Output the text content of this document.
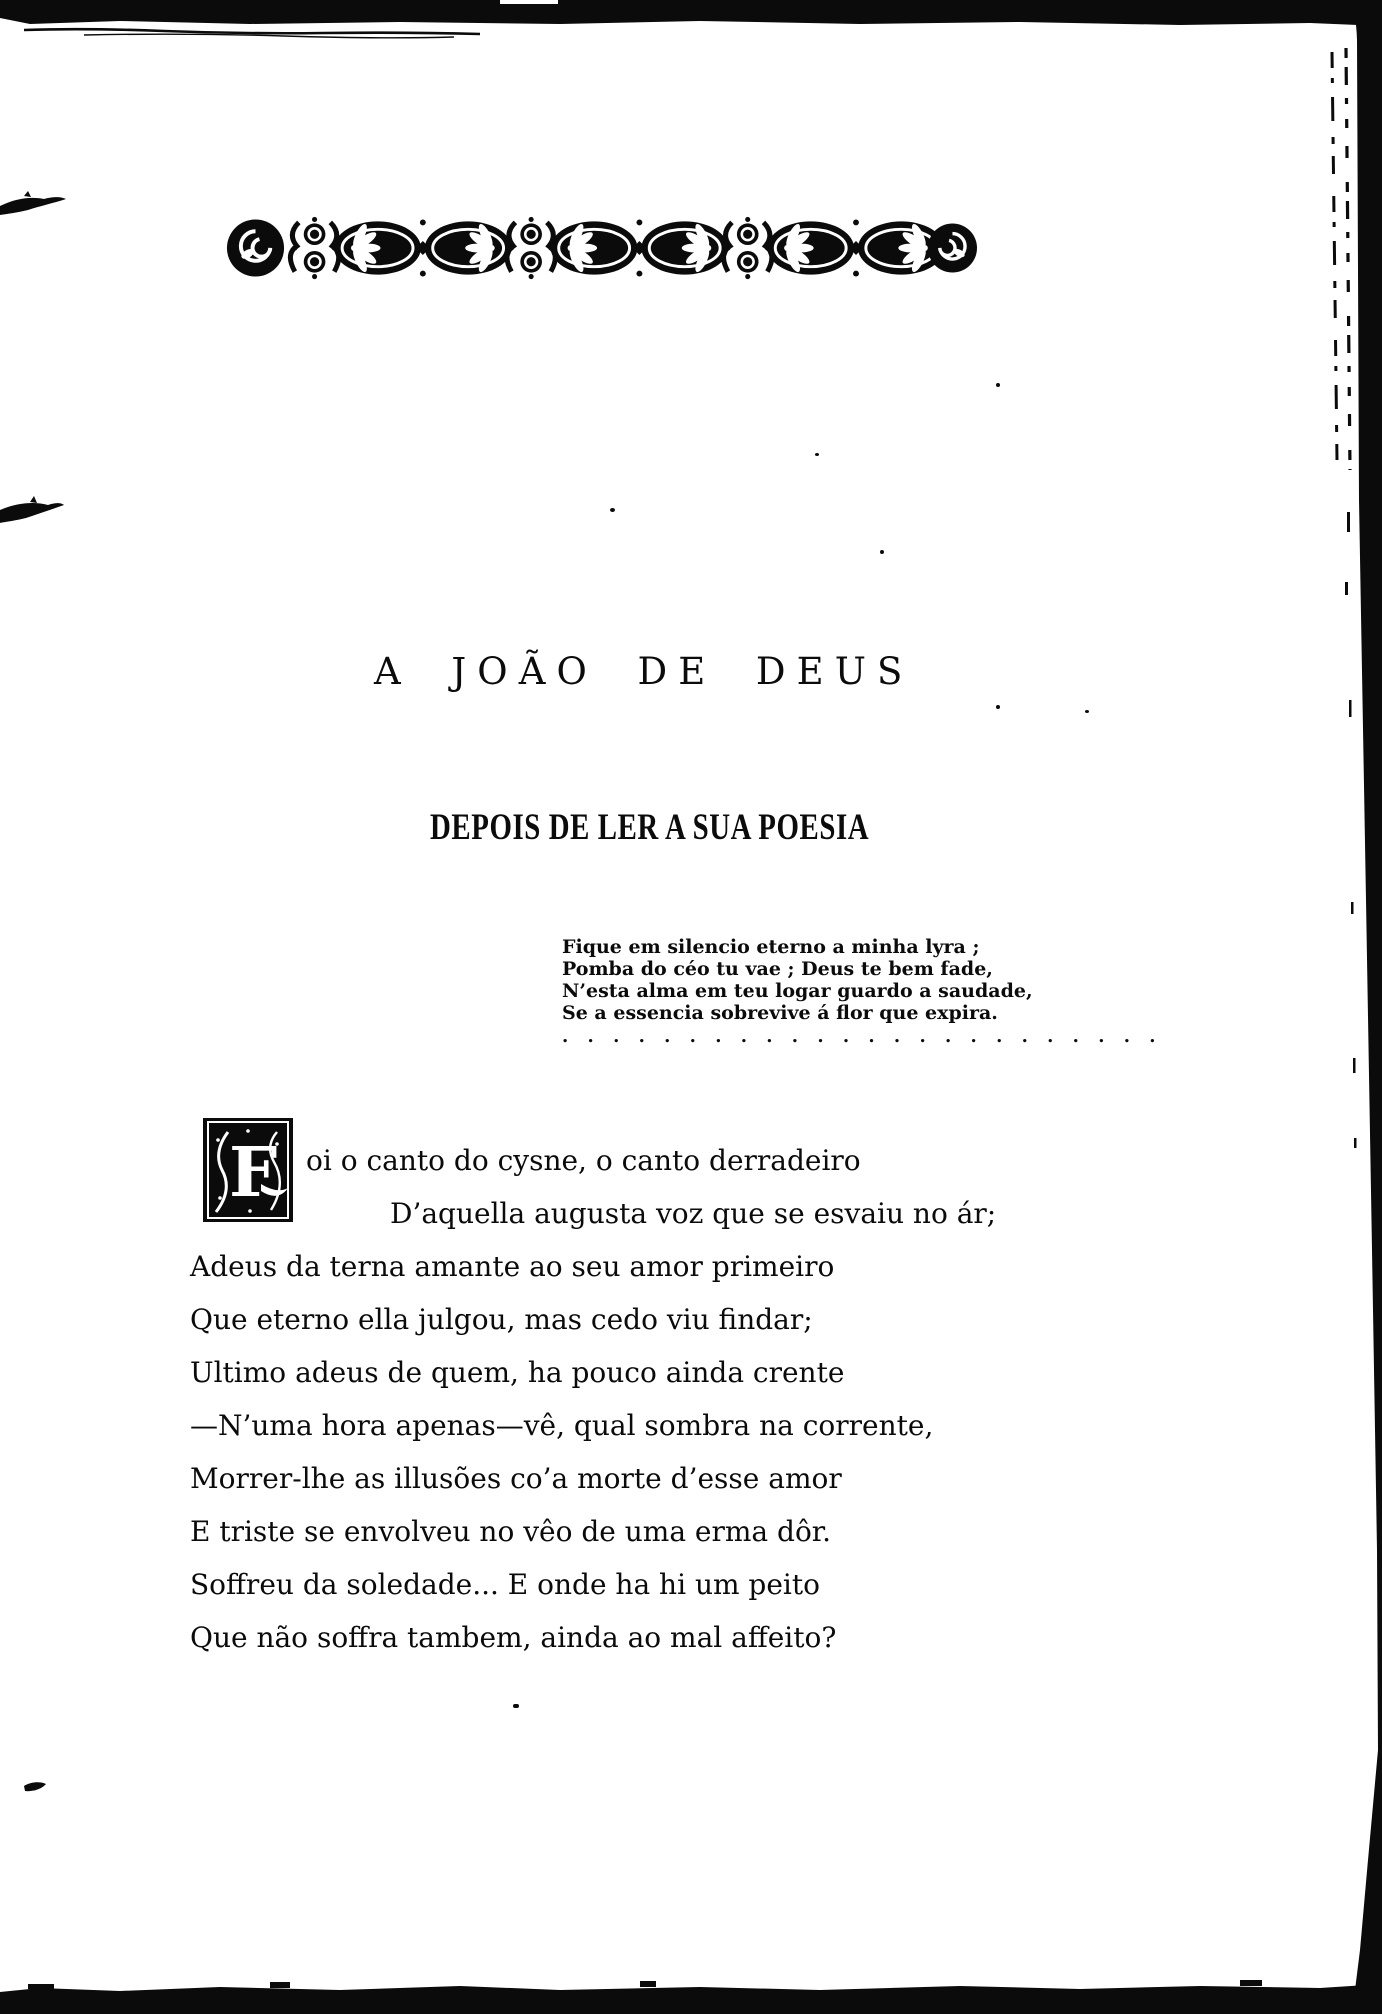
A JOÃO DE DEUS
DEPOIS DE LER A SUA POESIA
Fique em silencio eterno a minha lyra ;
Pomba do céo tu vae ; Deus te bem fade,
N’esta alma em teu logar guardo a saudade,
Se a essencia sobrevive á flor que expira.
. . . . . . . . . . . . . . . . . . . . . . . .
F	oi o canto do cysne, o canto derradeiro
D’aquella augusta voz que se esvaiu no ár;
Adeus da terna amante ao seu amor primeiro
Que eterno ella julgou, mas cedo viu findar;
Ultimo adeus de quem, ha pouco ainda crente
—N’uma hora apenas—vê, qual sombra na corrente,
Morrer-lhe as illusões co’a morte d’esse amor
E triste se envolveu no vêo de uma erma dôr.
Soffreu da soledade... E onde ha hi um peito
Que não soffra tambem, ainda ao mal affeito?
